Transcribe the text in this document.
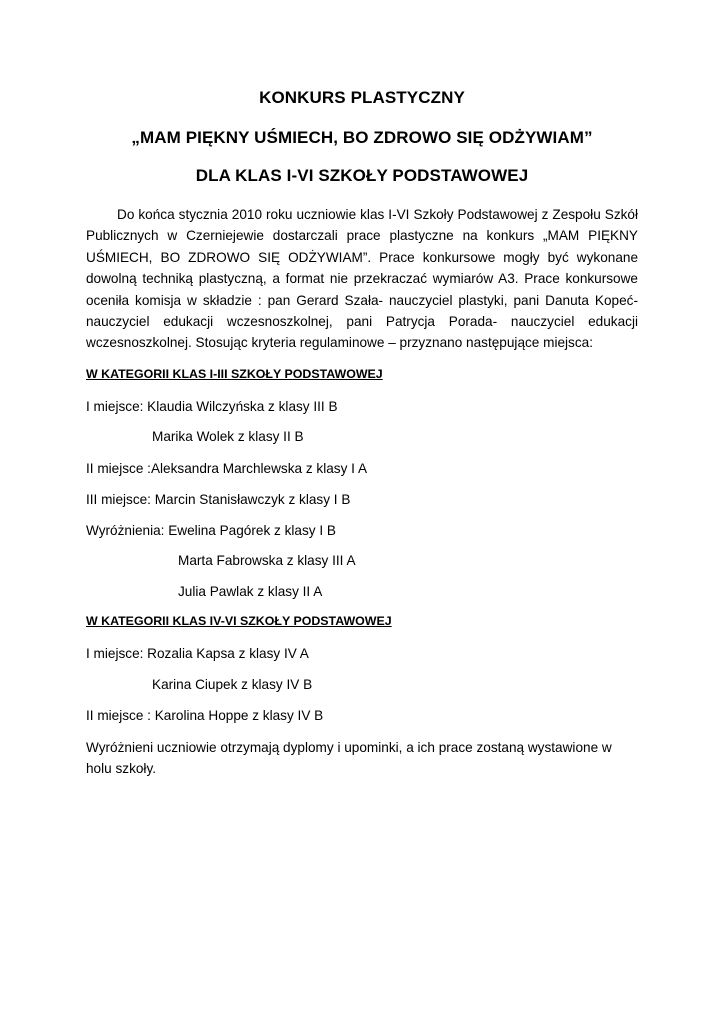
KONKURS PLASTYCZNY
„MAM PIĘKNY UŚMIECH, BO ZDROWO SIĘ ODŻYWIAM”
DLA KLAS I-VI SZKOŁY PODSTAWOWEJ

Do końca stycznia 2010 roku uczniowie klas I-VI Szkoły Podstawowej z Zespołu Szkół Publicznych w Czerniejewie dostarczali prace plastyczne na konkurs „MAM PIĘKNY UŚMIECH, BO ZDROWO SIĘ ODŻYWIAM”. Prace konkursowe mogły być wykonane dowolną techniką plastyczną, a format nie przekraczać wymiarów A3. Prace konkursowe oceniła komisja w składzie : pan Gerard Szała- nauczyciel plastyki, pani Danuta Kopeć- nauczyciel edukacji wczesnoszkolnej, pani Patrycja Porada- nauczyciel edukacji wczesnoszkolnej. Stosując kryteria regulaminowe – przyznano następujące miejsca:

W KATEGORII KLAS I-III SZKOŁY PODSTAWOWEJ
I miejsce: Klaudia Wilczyńska z klasy III B
Marika Wolek z klasy II B
II miejsce :Aleksandra Marchlewska z klasy I A
III miejsce: Marcin Stanisławczyk z klasy I B
Wyróżnienia: Ewelina Pagórek z klasy I B
Marta Fabrowska z klasy III A
Julia Pawlak z klasy II A
W KATEGORII KLAS IV-VI SZKOŁY PODSTAWOWEJ
I miejsce: Rozalia Kapsa z klasy IV A
Karina Ciupek z klasy IV B
II miejsce : Karolina Hoppe z klasy IV B

Wyróżnieni uczniowie otrzymają dyplomy i upominki, a ich prace zostaną wystawione w holu szkoły.
